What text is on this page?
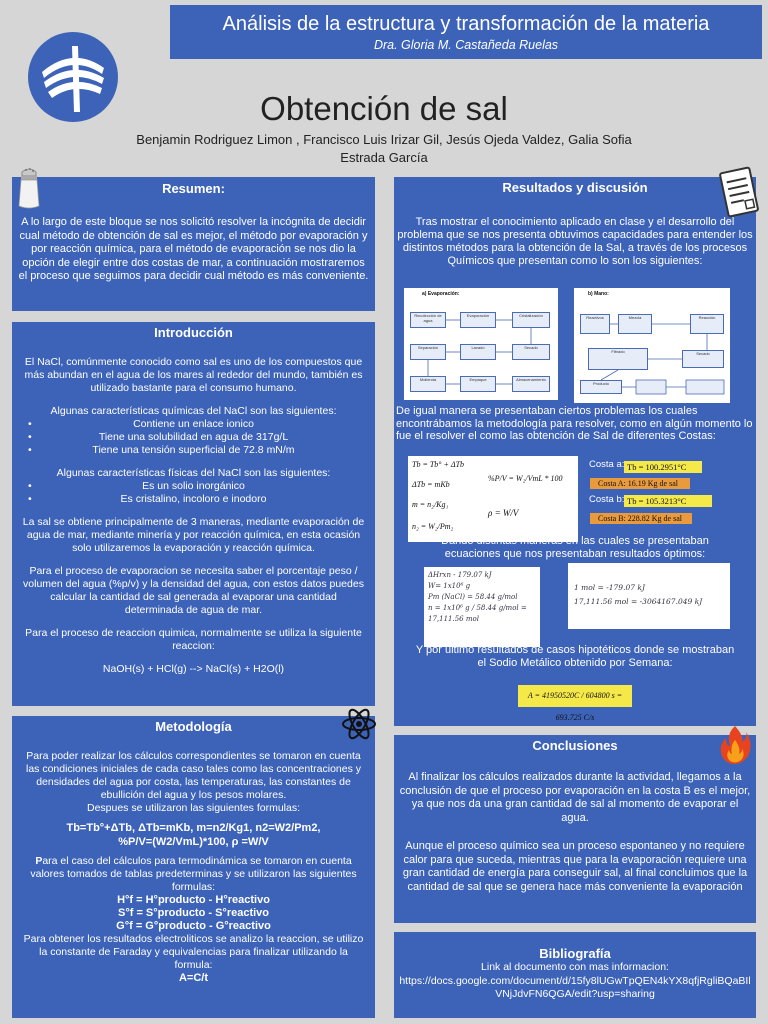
Análisis de la estructura y transformación de la materia
Dra. Gloria M. Castañeda Ruelas
Obtención de sal
Benjamin Rodriguez Limon , Francisco Luis Irizar Gil, Jesús Ojeda Valdez, Galia Sofia
Estrada García
Resumen:
A lo largo de este bloque se nos solicitó resolver la incógnita de decidir cual método de obtención de sal es mejor, el método por evaporación y por reacción química, para el método de evaporación se nos dio la opción de elegir entre dos costas de mar, a continuación mostraremos el proceso que seguimos para decidir cual método es más conveniente.
Introducción

El NaCl, comúnmente conocido como sal es uno de los compuestos que más abundan en el agua de los mares al rededor del mundo, también es utilizado bastante para el consumo humano.

Algunas características químicas del NaCl son las siguientes:
• Contiene un enlace ionico
• Tiene una solubilidad en agua de 317g/L
• Tiene una tensión superficial de 72.8 mN/m
Algunas características físicas del NaCl son las siguientes:
• Es un solio inorgánico
• Es cristalino, incoloro e inodoro

La sal se obtiene principalmente de 3 maneras, mediante evaporación de agua de mar, mediante minería y por reacción química, en esta ocasión solo utilizaremos la evaporación y reacción química.

Para el proceso de evaporacion se necesita saber el porcentaje peso / volumen del agua (%p/v) y la densidad del agua, con estos datos puedes calcular la cantidad de sal generada al evaporar una cantidad determinada de agua de mar.

Para el proceso de reaccion quimica, normalmente se utiliza la siguiente reaccion:

NaOH(s) + HCl(g) --> NaCl(s) + H2O(l)

Metodología
Para poder realizar los cálculos correspondientes se tomaron en cuenta las condiciones iniciales de cada caso tales como las concentraciones y densidades del agua por costa, las temperaturas, las constantes de ebullición del agua y los pesos molares.
Despues se utilizaron las siguientes formulas:
Tb=Tb°+ΔTb, ΔTb=mKb, m=n2/Kg1, n2=W2/Pm2,
%P/V=(W2/VmL)*100, ρ =W/V
Para el caso del cálculos para termodinámica se tomaron en cuenta valores tomados de tablas predeterminas y se utilizaron las siguientes formulas:
H°f = H°producto - H°reactivo
S°f = S°producto - S°reactivo
G°f = G°producto - G°reactivo
Para obtener los resultados electroliticos se analizo la reaccion, se utilizo la constante de Faraday y equivalencias para finalizar utilizando la formula:
A=C/t
Resultados y discusión
Tras mostrar el conocimiento aplicado en clase y el desarrollo del problema que se nos presenta obtuvimos capacidades para entender los distintos métodos para la obtención de la Sal, a través de los procesos Químicos que presentan como lo son los siguientes:
a) Evaporación:
Recolección de agua
Evaporación	Cristalización
Separación	Lavado	Secado
Molienda	Empaque	Almacenamiento
b) Mano:
Reactivos	Mezcla	Reacción
Filtrado	Secado
Producto
De igual manera se presentaban ciertos problemas los cuales encontrábamos la metodología para resolver, como en algún momento lo fue el resolver el como las obtención de Sal de diferentes Costas:
Tb = Tb° + ΔTb
ΔTb = mKb
m = n₂/Kg₁
n₂ = W₂/Pm₂
%P/V = W₂/VmL * 100
ρ = W/V
Costa a: Tb = 100.2951°C
Costa A: 16.19 Kg de sal
Costa b: Tb = 105.3213°C
Costa B: 228.82 Kg de sal
Dando distintas maneras en las cuales se presentaban ecuaciones que nos presentaban resultados óptimos:
ΔHrxn - 179.07 kJ
W= 1x10⁶ g
Pm (NaCl) = 58.44 g/mol
n = 1x10⁶ g / 58.44 g/mol = 17,111.56 mol
1 mol = -179.07 kJ
17,111.56 mol = -3064167.049 kJ
Y por ultimo resultados de casos hipotéticos donde se mostraban el Sodio Metálico obtenido por Semana:
A = 41950520C / 604800 s = 693.725 C/s
Conclusiones

Al finalizar los cálculos realizados durante la actividad, llegamos a la conclusión de que el proceso por evaporación en la costa B es el mejor, ya que nos da una gran cantidad de sal al momento de evaporar el agua.

Aunque el proceso químico sea un proceso espontaneo y no requiere calor para que suceda, mientras que para la evaporación requiere una gran cantidad de energía para conseguir sal, al final concluimos que la cantidad de sal que se genera hace más conveniente la evaporación

Bibliografía
Link al documento con mas informacion:
https://docs.google.com/document/d/15fy8lUGwTpQEN4kYX8qfjRgliBQaBIlVNjJdvFN6QGA/edit?usp=sharing
